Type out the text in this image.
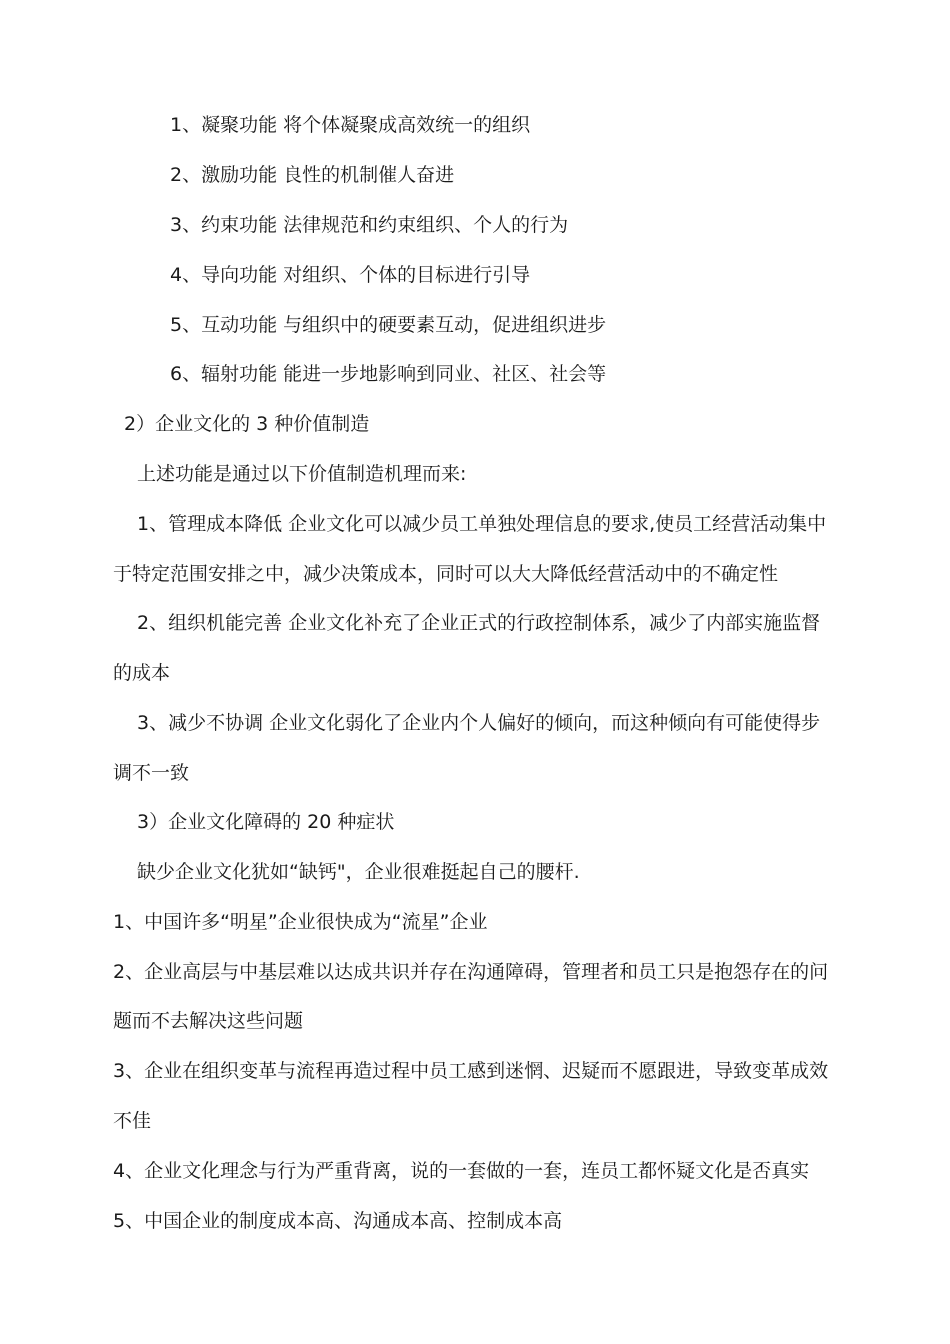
1、凝聚功能 将个体凝聚成高效统一的组织
2、激励功能 良性的机制催人奋进
3、约束功能 法律规范和约束组织、个人的行为
4、导向功能 对组织、个体的目标进行引导
5、互动功能 与组织中的硬要素互动，促进组织进步
6、辐射功能 能进一步地影响到同业、社区、社会等
2）企业文化的 3 种价值制造
上述功能是通过以下价值制造机理而来:
1、管理成本降低 企业文化可以减少员工单独处理信息的要求,使员工经营活动集中
于特定范围安排之中，减少决策成本，同时可以大大降低经营活动中的不确定性
2、组织机能完善 企业文化补充了企业正式的行政控制体系，减少了内部实施监督
的成本
3、减少不协调 企业文化弱化了企业内个人偏好的倾向，而这种倾向有可能使得步
调不一致
3）企业文化障碍的 20 种症状
缺少企业文化犹如“缺钙"，企业很难挺起自己的腰杆.
1、中国许多“明星”企业很快成为“流星”企业
2、企业高层与中基层难以达成共识并存在沟通障碍，管理者和员工只是抱怨存在的问
题而不去解决这些问题
3、企业在组织变革与流程再造过程中员工感到迷惘、迟疑而不愿跟进，导致变革成效
不佳
4、企业文化理念与行为严重背离，说的一套做的一套，连员工都怀疑文化是否真实
5、中国企业的制度成本高、沟通成本高、控制成本高
